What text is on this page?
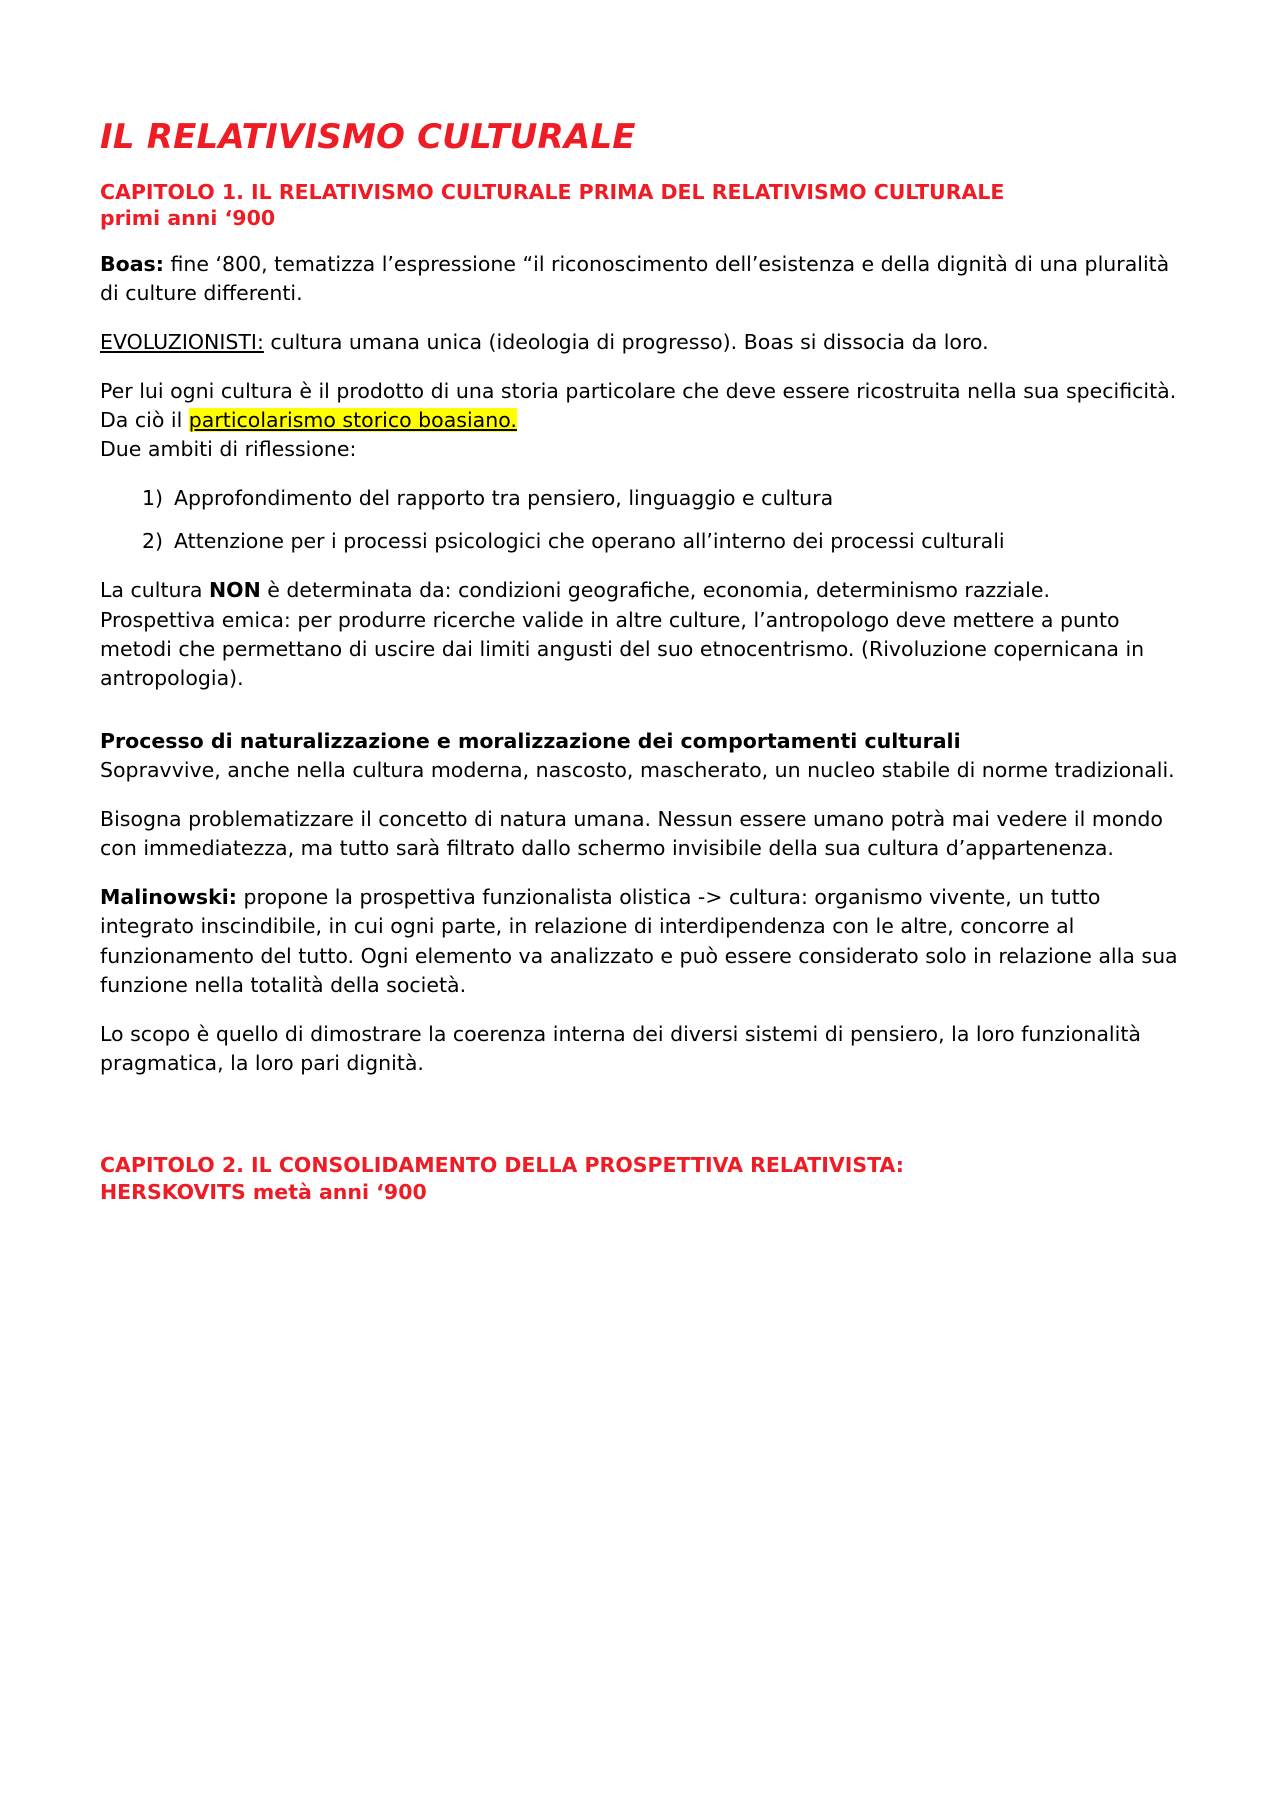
IL RELATIVISMO CULTURALE
CAPITOLO 1. IL RELATIVISMO CULTURALE PRIMA DEL RELATIVISMO CULTURALE
primi anni ‘900

Boas: fine ‘800, tematizza l’espressione “il riconoscimento dell’esistenza e della dignità di una pluralità di culture differenti.

EVOLUZIONISTI: cultura umana unica (ideologia di progresso). Boas si dissocia da loro.

Per lui ogni cultura è il prodotto di una storia particolare che deve essere ricostruita nella sua specificità. Da ciò il particolarismo storico boasiano.

Due ambiti di riflessione:

1) Approfondimento del rapporto tra pensiero, linguaggio e cultura
2) Attenzione per i processi psicologici che operano all’interno dei processi culturali

La cultura NON è determinata da: condizioni geografiche, economia, determinismo razziale.

Prospettiva emica: per produrre ricerche valide in altre culture, l’antropologo deve mettere a punto metodi che permettano di uscire dai limiti angusti del suo etnocentrismo. (Rivoluzione copernicana in antropologia).

Processo di naturalizzazione e moralizzazione dei comportamenti culturali

Sopravvive, anche nella cultura moderna, nascosto, mascherato, un nucleo stabile di norme tradizionali.

Bisogna problematizzare il concetto di natura umana. Nessun essere umano potrà mai vedere il mondo con immediatezza, ma tutto sarà filtrato dallo schermo invisibile della sua cultura d’appartenenza.

Malinowski: propone la prospettiva funzionalista olistica -> cultura: organismo vivente, un tutto integrato inscindibile, in cui ogni parte, in relazione di interdipendenza con le altre, concorre al funzionamento del tutto. Ogni elemento va analizzato e può essere considerato solo in relazione alla sua funzione nella totalità della società.

Lo scopo è quello di dimostrare la coerenza interna dei diversi sistemi di pensiero, la loro funzionalità pragmatica, la loro pari dignità.

CAPITOLO 2. IL CONSOLIDAMENTO DELLA PROSPETTIVA RELATIVISTA:
HERSKOVITS metà anni ‘900
